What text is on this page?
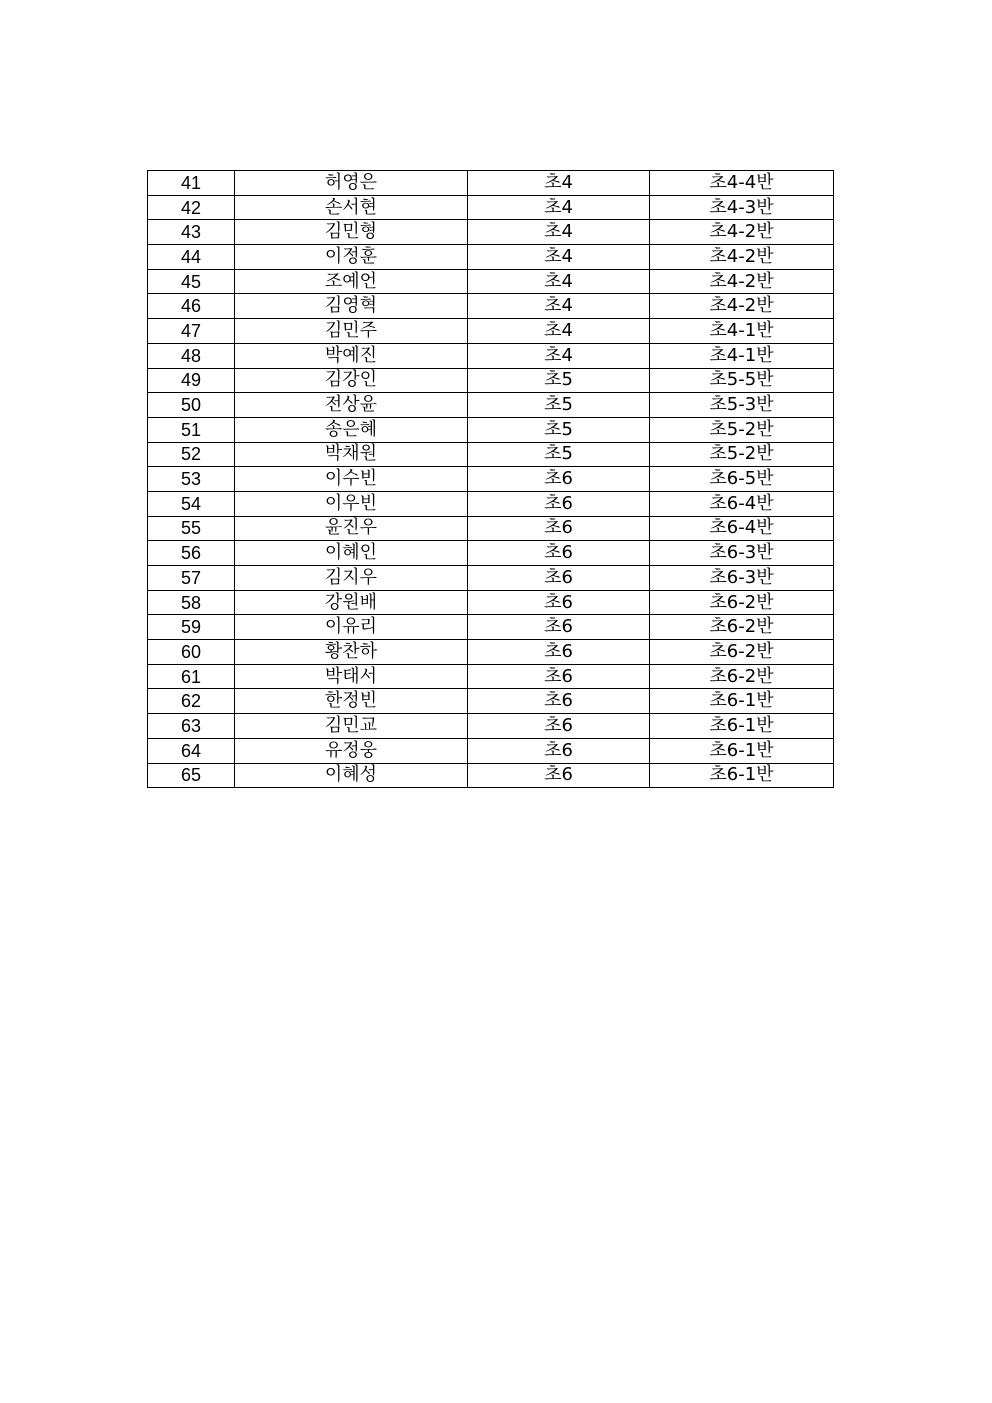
41	허영은	초4	초4-4반
42	손서현	초4	초4-3반
43	김민형	초4	초4-2반
44	이정훈	초4	초4-2반
45	조예언	초4	초4-2반
46	김영혁	초4	초4-2반
47	김민주	초4	초4-1반
48	박예진	초4	초4-1반
49	김강인	초5	초5-5반
50	전상윤	초5	초5-3반
51	송은혜	초5	초5-2반
52	박채원	초5	초5-2반
53	이수빈	초6	초6-5반
54	이우빈	초6	초6-4반
55	윤진우	초6	초6-4반
56	이혜인	초6	초6-3반
57	김지우	초6	초6-3반
58	강원배	초6	초6-2반
59	이유리	초6	초6-2반
60	황찬하	초6	초6-2반
61	박태서	초6	초6-2반
62	한정빈	초6	초6-1반
63	김민교	초6	초6-1반
64	유정웅	초6	초6-1반
65	이혜성	초6	초6-1반
